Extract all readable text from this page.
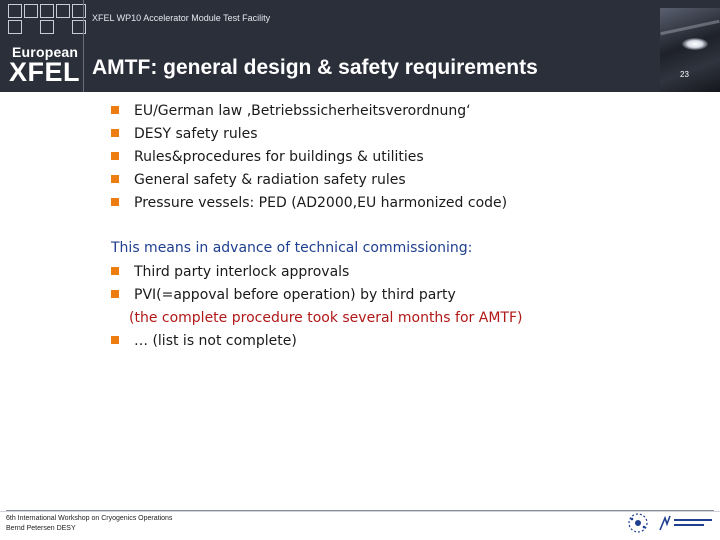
European
XFEL
XFEL WP10 Accelerator Module Test Facility
AMTF: general design & safety requirements	23
EU/German law ‚Betriebssicherheitsverordnung‘
DESY safety rules
Rules&procedures for buildings & utilities
General safety & radiation safety rules
Pressure vessels: PED (AD2000,EU harmonized code)
This means in advance of technical commissioning:
Third party interlock approvals
PVI(=appoval before operation) by third party
(the complete procedure took several months for AMTF)
… (list is not complete)
6th International Workshop on Cryogenics Operations
Bernd Petersen DESY
